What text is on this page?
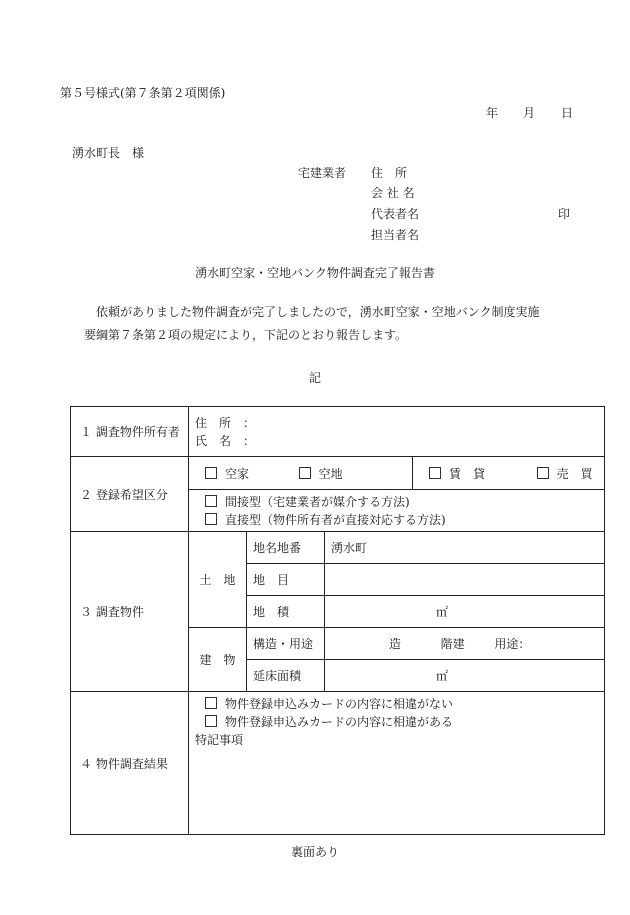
第５号様式(第７条第２項関係)
年 月 日
湧水町長　様
宅建業者 住　所
会 社 名
代表者名	印
担当者名
湧水町空家・空地バンク物件調査完了報告書
依頼がありました物件調査が完了しましたので，湧水町空家・空地バンク制度実施
要綱第７条第２項の規定により，下記のとおり報告します。
記
１ 調査物件所有者	住　所　：
氏　名　：			

２ 登録希望区分	空家 空地			賃　貸 売　買

	間接型（宅建業者が媒介する方法)
直接型（物件所有者が直接対応する方法)			

３ 調査物件	土　地	地名地番	湧水町	
		地　目		
		地　積	㎡	
	建　物	構造・用途	造 階建 用途：	
		延床面積	㎡	
４ 物件調査結果	物件登録申込みカードの内容に相違がない
物件登録申込みカードの内容に相違がある
特記事項			
裏面あり
